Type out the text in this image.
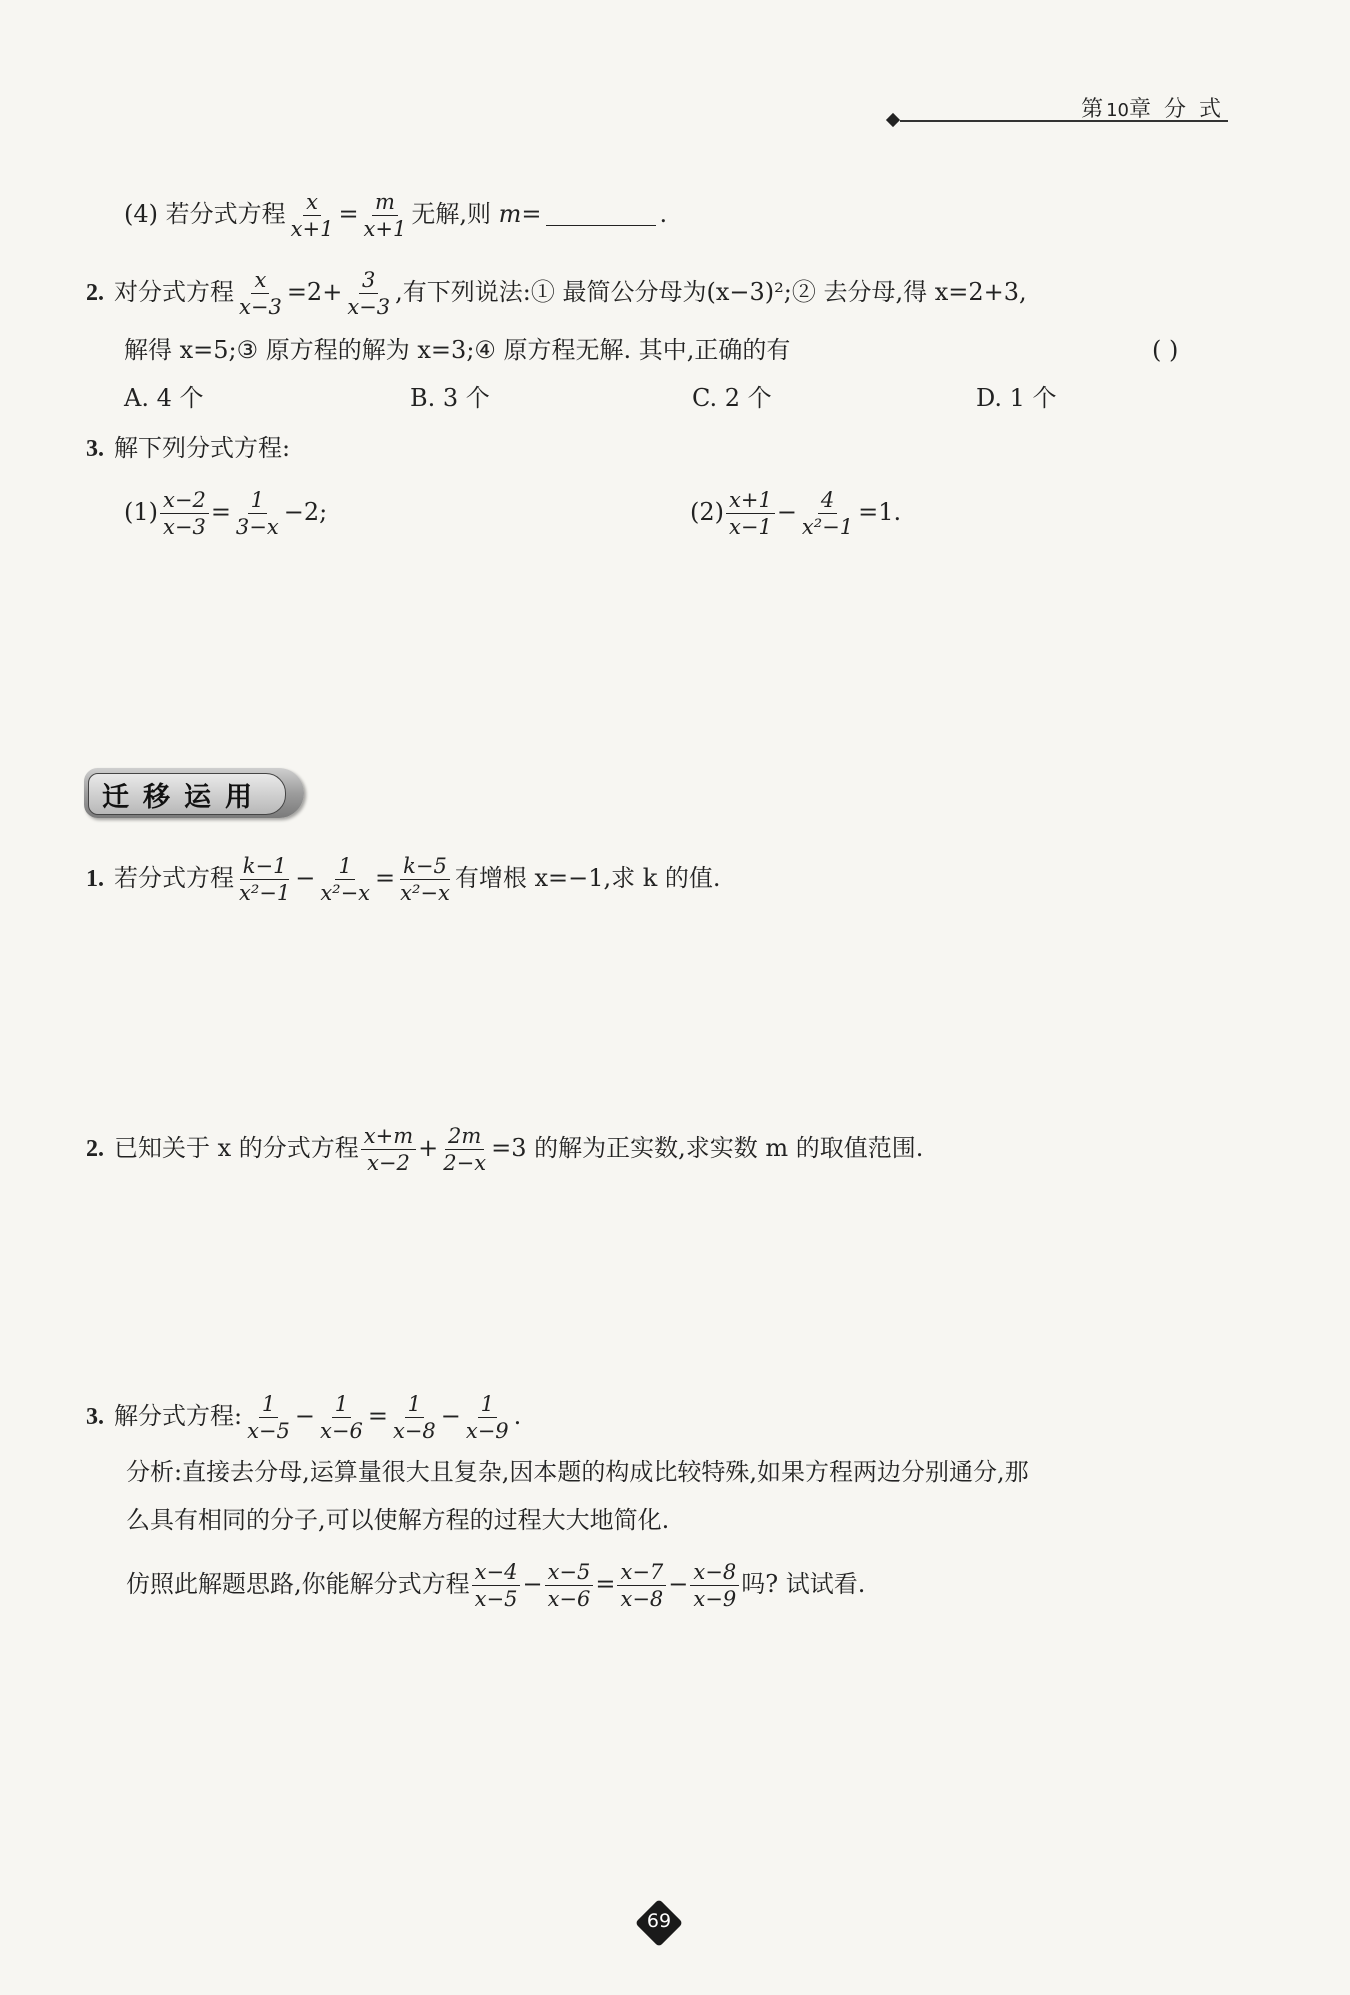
第10章 分 式
(4) 若分式方程 $\frac{x}{x+1} = \frac{m}{x+1}$ 无解,则 m=	.
2. 对分式方程 $\frac{x}{x-3} =2+ \frac{3}{x-3}$ ,有下列说法:① 最简公分母为(x−3)²;② 去分母,得 x=2+3,
解得 x=5;③ 原方程的解为 x=3;④ 原方程无解. 其中,正确的有	( )
A. 4 个	B. 3 个	C. 2 个	D. 1 个
3. 解下列分式方程:
$(1) \frac{x-2}{x-3} = \frac{1}{3-x} -2$;	$(2) \frac{x+1}{x-1} - \frac{4}{\text{x²−1}} =1$.
迁移运用
1. 若分式方程 $\frac{k-1}{\text{x²−1}} - \frac{1}{\text{x²−x}} = \frac{k-5}{\text{x²−x}}$ 有增根 x=−1,求 k 的值.
2. 已知关于 x 的分式方程 $\frac{x+m}{x-2} + \frac{2m}{2-x} =3$ 的解为正实数,求实数 m 的取值范围.
3. 解分式方程: $\frac{1}{x-5} - \frac{1}{x-6} = \frac{1}{x-8} - \frac{1}{x-9}$ .
分析:直接去分母,运算量很大且复杂,因本题的构成比较特殊,如果方程两边分别通分,那
么具有相同的分子,可以使解方程的过程大大地简化.
仿照此解题思路,你能解分式方程 $\frac{x-4}{x-5} - \frac{x-5}{x-6} = \frac{x-7}{x-8} - \frac{x-8}{x-9}$ 吗? 试试看.
69
